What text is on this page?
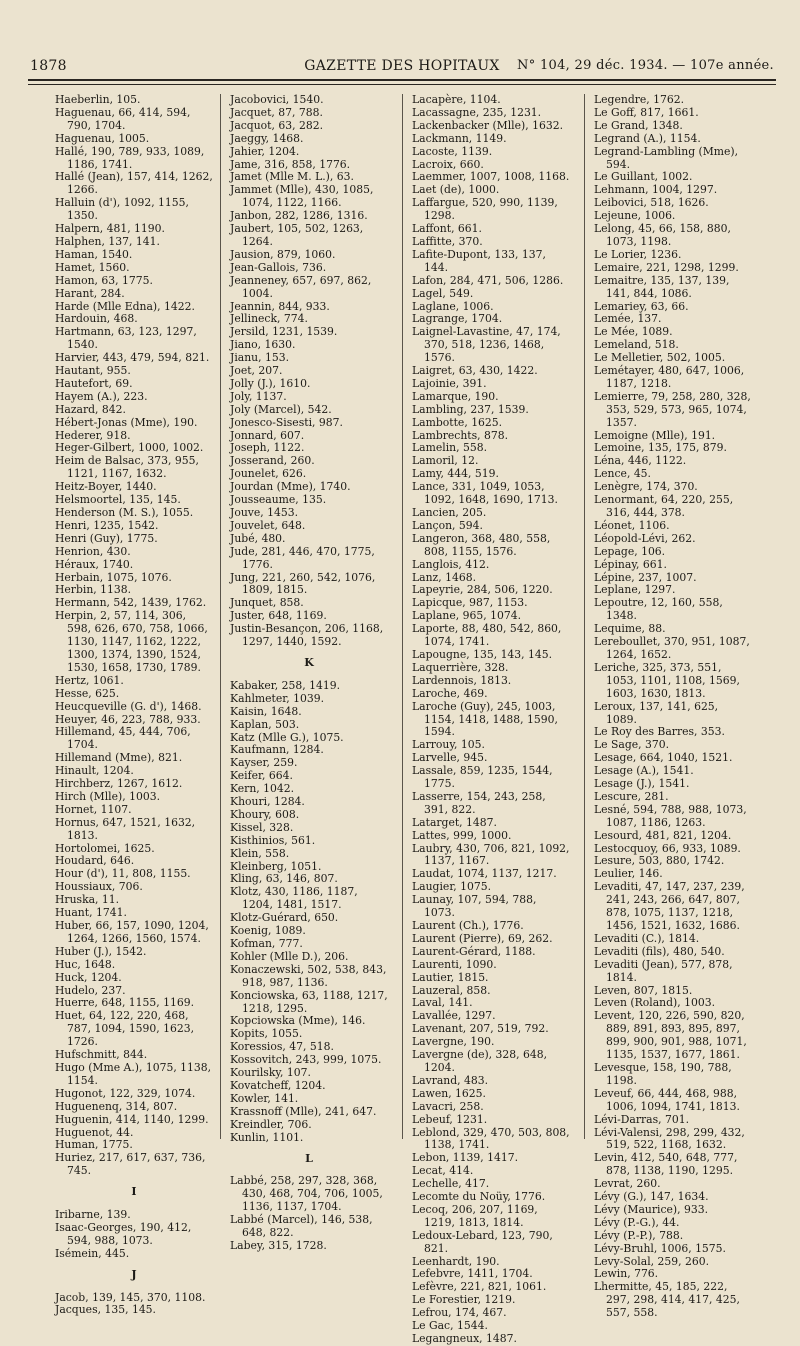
1878	GAZETTE DES HOPITAUX	N° 104, 29 déc. 1934. — 107e année.

Haeberlin, 105.

Haguenau, 66, 414, 594, 790, 1704.

Haguenau, 1005.

Hallé, 190, 789, 933, 1089, 1186, 1741.

Hallé (Jean), 157, 414, 1262, 1266.

Halluin (d'), 1092, 1155, 1350.

Halpern, 481, 1190.

Halphen, 137, 141.

Haman, 1540.

Hamet, 1560.

Hamon, 63, 1775.

Harant, 284.

Harde (Mlle Edna), 1422.

Hardouin, 468.

Hartmann, 63, 123, 1297, 1540.

Harvier, 443, 479, 594, 821.

Hautant, 955.

Hautefort, 69.

Hayem (A.), 223.

Hazard, 842.

Hébert-Jonas (Mme), 190.

Hederer, 918.

Heger-Gilbert, 1000, 1002.

Heim de Balsac, 373, 955, 1121, 1167, 1632.

Heitz-Boyer, 1440.

Helsmoortel, 135, 145.

Henderson (M. S.), 1055.

Henri, 1235, 1542.

Henri (Guy), 1775.

Henrion, 430.

Héraux, 1740.

Herbain, 1075, 1076.

Herbin, 1138.

Hermann, 542, 1439, 1762.

Herpin, 2, 57, 114, 306, 598, 626, 670, 758, 1066, 1130, 1147, 1162, 1222, 1300, 1374, 1390, 1524, 1530, 1658, 1730, 1789.

Hertz, 1061.

Hesse, 625.

Heucqueville (G. d'), 1468.

Heuyer, 46, 223, 788, 933.

Hillemand, 45, 444, 706, 1704.

Hillemand (Mme), 821.

Hinault, 1204.

Hirchberz, 1267, 1612.

Hirch (Mlle), 1003.

Hornet, 1107.

Hornus, 647, 1521, 1632, 1813.

Hortolomei, 1625.

Houdard, 646.

Hour (d'), 11, 808, 1155.

Houssiaux, 706.

Hruska, 11.

Huant, 1741.

Huber, 66, 157, 1090, 1204, 1264, 1266, 1560, 1574.

Huber (J.), 1542.

Huc, 1648.

Huck, 1204.

Hudelo, 237.

Huerre, 648, 1155, 1169.

Huet, 64, 122, 220, 468, 787, 1094, 1590, 1623, 1726.

Hufschmitt, 844.

Hugo (Mme A.), 1075, 1138, 1154.

Hugonot, 122, 329, 1074.

Huguenenq, 314, 807.

Huguenin, 414, 1140, 1299.

Huguenot, 44.

Human, 1775.

Huriez, 217, 617, 637, 736, 745.

I

Iribarne, 139.

Isaac-Georges, 190, 412, 594, 988, 1073.

Isémein, 445.

J

Jacob, 139, 145, 370, 1108.

Jacques, 135, 145.

Jacobovici, 1540.

Jacquet, 87, 788.

Jacquot, 63, 282.

Jaeggy, 1468.

Jahier, 1204.

Jame, 316, 858, 1776.

Jamet (Mlle M. L.), 63.

Jammet (Mlle), 430, 1085, 1074, 1122, 1166.

Janbon, 282, 1286, 1316.

Jaubert, 105, 502, 1263, 1264.

Jausion, 879, 1060.

Jean-Gallois, 736.

Jeanneney, 657, 697, 862, 1004.

Jeannin, 844, 933.

Jellineck, 774.

Jersild, 1231, 1539.

Jiano, 1630.

Jianu, 153.

Joet, 207.

Jolly (J.), 1610.

Joly, 1137.

Joly (Marcel), 542.

Jonesco-Sisesti, 987.

Jonnard, 607.

Joseph, 1122.

Josserand, 260.

Jounelet, 626.

Jourdan (Mme), 1740.

Jousseaume, 135.

Jouve, 1453.

Jouvelet, 648.

Jubé, 480.

Jude, 281, 446, 470, 1775, 1776.

Jung, 221, 260, 542, 1076, 1809, 1815.

Junquet, 858.

Juster, 648, 1169.

Justin-Besançon, 206, 1168, 1297, 1440, 1592.

K

Kabaker, 258, 1419.

Kahlmeter, 1039.

Kaisin, 1648.

Kaplan, 503.

Katz (Mlle G.), 1075.

Kaufmann, 1284.

Kayser, 259.

Keifer, 664.

Kern, 1042.

Khouri, 1284.

Khoury, 608.

Kissel, 328.

Kisthinios, 561.

Klein, 558.

Kleinberg, 1051.

Kling, 63, 146, 807.

Klotz, 430, 1186, 1187, 1204, 1481, 1517.

Klotz-Guérard, 650.

Koenig, 1089.

Kofman, 777.

Kohler (Mlle D.), 206.

Konaczewski, 502, 538, 843, 918, 987, 1136.

Konciowska, 63, 1188, 1217, 1218, 1295.

Kopciowska (Mme), 146.

Kopits, 1055.

Koressios, 47, 518.

Kossovitch, 243, 999, 1075.

Kourilsky, 107.

Kovatcheff, 1204.

Kowler, 141.

Krassnoff (Mlle), 241, 647.

Kreindler, 706.

Kunlin, 1101.

L

Labbé, 258, 297, 328, 368, 430, 468, 704, 706, 1005, 1136, 1137, 1704.

Labbé (Marcel), 146, 538, 648, 822.

Labey, 315, 1728.

Lacapère, 1104.

Lacassagne, 235, 1231.

Lackenbacker (Mlle), 1632.

Lackmann, 1149.

Lacoste, 1139.

Lacroix, 660.

Laemmer, 1007, 1008, 1168.

Laet (de), 1000.

Laffargue, 520, 990, 1139, 1298.

Laffont, 661.

Laffitte, 370.

Lafite-Dupont, 133, 137, 144.

Lafon, 284, 471, 506, 1286.

Lagel, 549.

Laglane, 1006.

Lagrange, 1704.

Laignel-Lavastine, 47, 174, 370, 518, 1236, 1468, 1576.

Laigret, 63, 430, 1422.

Lajoinie, 391.

Lamarque, 190.

Lambling, 237, 1539.

Lambotte, 1625.

Lambrechts, 878.

Lamelin, 558.

Lamoril, 12.

Lamy, 444, 519.

Lance, 331, 1049, 1053, 1092, 1648, 1690, 1713.

Lancien, 205.

Lançon, 594.

Langeron, 368, 480, 558, 808, 1155, 1576.

Langlois, 412.

Lanz, 1468.

Lapeyrie, 284, 506, 1220.

Lapicque, 987, 1153.

Laplane, 965, 1074.

Laporte, 88, 480, 542, 860, 1074, 1741.

Lapougne, 135, 143, 145.

Laquerrière, 328.

Lardennois, 1813.

Laroche, 469.

Laroche (Guy), 245, 1003, 1154, 1418, 1488, 1590, 1594.

Larrouy, 105.

Larvelle, 945.

Lassale, 859, 1235, 1544, 1775.

Lasserre, 154, 243, 258, 391, 822.

Latarget, 1487.

Lattes, 999, 1000.

Laubry, 430, 706, 821, 1092, 1137, 1167.

Laudat, 1074, 1137, 1217.

Laugier, 1075.

Launay, 107, 594, 788, 1073.

Laurent (Ch.), 1776.

Laurent (Pierre), 69, 262.

Laurent-Gérard, 1188.

Laurenti, 1090.

Lautier, 1815.

Lauzeral, 858.

Laval, 141.

Lavallée, 1297.

Lavenant, 207, 519, 792.

Lavergne, 190.

Lavergne (de), 328, 648, 1204.

Lavrand, 483.

Lawen, 1625.

Lavacri, 258.

Lebeuf, 1231.

Leblond, 329, 470, 503, 808, 1138, 1741.

Lebon, 1139, 1417.

Lecat, 414.

Lechelle, 417.

Lecomte du Noüy, 1776.

Lecoq, 206, 207, 1169, 1219, 1813, 1814.

Ledoux-Lebard, 123, 790, 821.

Leenhardt, 190.

Lefebvre, 1411, 1704.

Lefèvre, 221, 821, 1061.

Le Forestier, 1219.

Lefrou, 174, 467.

Le Gac, 1544.

Legangneux, 1487.

Legendre, 1762.

Le Goff, 817, 1661.

Le Grand, 1348.

Legrand (A.), 1154.

Legrand-Lambling (Mme), 594.

Le Guillant, 1002.

Lehmann, 1004, 1297.

Leibovici, 518, 1626.

Lejeune, 1006.

Lelong, 45, 66, 158, 880, 1073, 1198.

Le Lorier, 1236.

Lemaire, 221, 1298, 1299.

Lemaitre, 135, 137, 139, 141, 844, 1086.

Lemariey, 63, 66.

Lemée, 137.

Le Mée, 1089.

Lemeland, 518.

Le Melletier, 502, 1005.

Lemétayer, 480, 647, 1006, 1187, 1218.

Lemierre, 79, 258, 280, 328, 353, 529, 573, 965, 1074, 1357.

Lemoigne (Mlle), 191.

Lemoine, 135, 175, 879.

Léna, 446, 1122.

Lence, 45.

Lenègre, 174, 370.

Lenormant, 64, 220, 255, 316, 444, 378.

Léonet, 1106.

Léopold-Lévi, 262.

Lepage, 106.

Lépinay, 661.

Lépine, 237, 1007.

Leplane, 1297.

Lepoutre, 12, 160, 558, 1348.

Lequime, 88.

Lereboullet, 370, 951, 1087, 1264, 1652.

Leriche, 325, 373, 551, 1053, 1101, 1108, 1569, 1603, 1630, 1813.

Leroux, 137, 141, 625, 1089.

Le Roy des Barres, 353.

Le Sage, 370.

Lesage, 664, 1040, 1521.

Lesage (A.), 1541.

Lesage (J.), 1541.

Lescure, 281.

Lesné, 594, 788, 988, 1073, 1087, 1186, 1263.

Lesourd, 481, 821, 1204.

Lestocquoy, 66, 933, 1089.

Lesure, 503, 880, 1742.

Leulier, 146.

Levaditi, 47, 147, 237, 239, 241, 243, 266, 647, 807, 878, 1075, 1137, 1218, 1456, 1521, 1632, 1686.

Levaditi (C.), 1814.

Levaditi (fils), 480, 540.

Levaditi (Jean), 577, 878, 1814.

Leven, 807, 1815.

Leven (Roland), 1003.

Levent, 120, 226, 590, 820, 889, 891, 893, 895, 897, 899, 900, 901, 988, 1071, 1135, 1537, 1677, 1861.

Levesque, 158, 190, 788, 1198.

Leveuf, 66, 444, 468, 988, 1006, 1094, 1741, 1813.

Lévi-Darras, 701.

Lévi-Valensi, 298, 299, 432, 519, 522, 1168, 1632.

Levin, 412, 540, 648, 777, 878, 1138, 1190, 1295.

Levrat, 260.

Lévy (G.), 147, 1634.

Lévy (Maurice), 933.

Lévy (P.-G.), 44.

Lévy (P.-P.), 788.

Lévy-Bruhl, 1006, 1575.

Levy-Solal, 259, 260.

Lewin, 776.

Lhermitte, 45, 185, 222, 297, 298, 414, 417, 425, 557, 558.
